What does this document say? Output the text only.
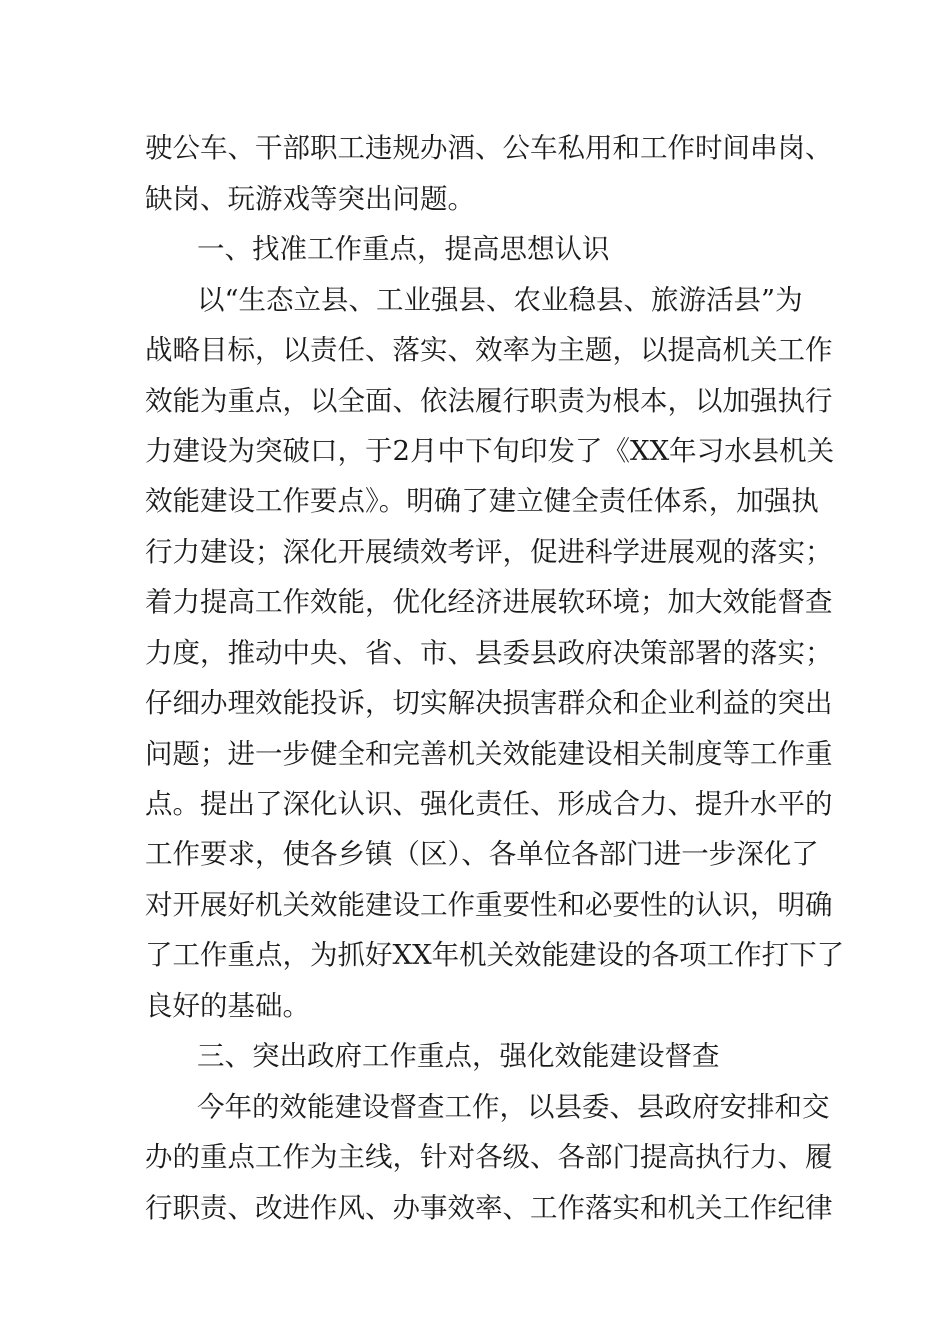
驶公车、干部职工违规办酒、公车私用和工作时间串岗、
缺岗、玩游戏等突出问题。
一、找准工作重点，提高思想认识
以“生态立县、工业强县、农业稳县、旅游活县”为
战略目标，以责任、落实、效率为主题，以提高机关工作
效能为重点，以全面、依法履行职责为根本，以加强执行
力建设为突破口，于2月中下旬印发了《XX年习水县机关
效能建设工作要点》。明确了建立健全责任体系，加强执
行力建设；深化开展绩效考评，促进科学进展观的落实；
着力提高工作效能，优化经济进展软环境；加大效能督查
力度，推动中央、省、市、县委县政府决策部署的落实；
仔细办理效能投诉，切实解决损害群众和企业利益的突出
问题；进一步健全和完善机关效能建设相关制度等工作重
点。提出了深化认识、强化责任、形成合力、提升水平的
工作要求，使各乡镇（区）、各单位各部门进一步深化了
对开展好机关效能建设工作重要性和必要性的认识，明确
了工作重点，为抓好XX年机关效能建设的各项工作打下了
良好的基础。
三、突出政府工作重点，强化效能建设督查
今年的效能建设督查工作，以县委、县政府安排和交
办的重点工作为主线，针对各级、各部门提高执行力、履
行职责、改进作风、办事效率、工作落实和机关工作纪律
